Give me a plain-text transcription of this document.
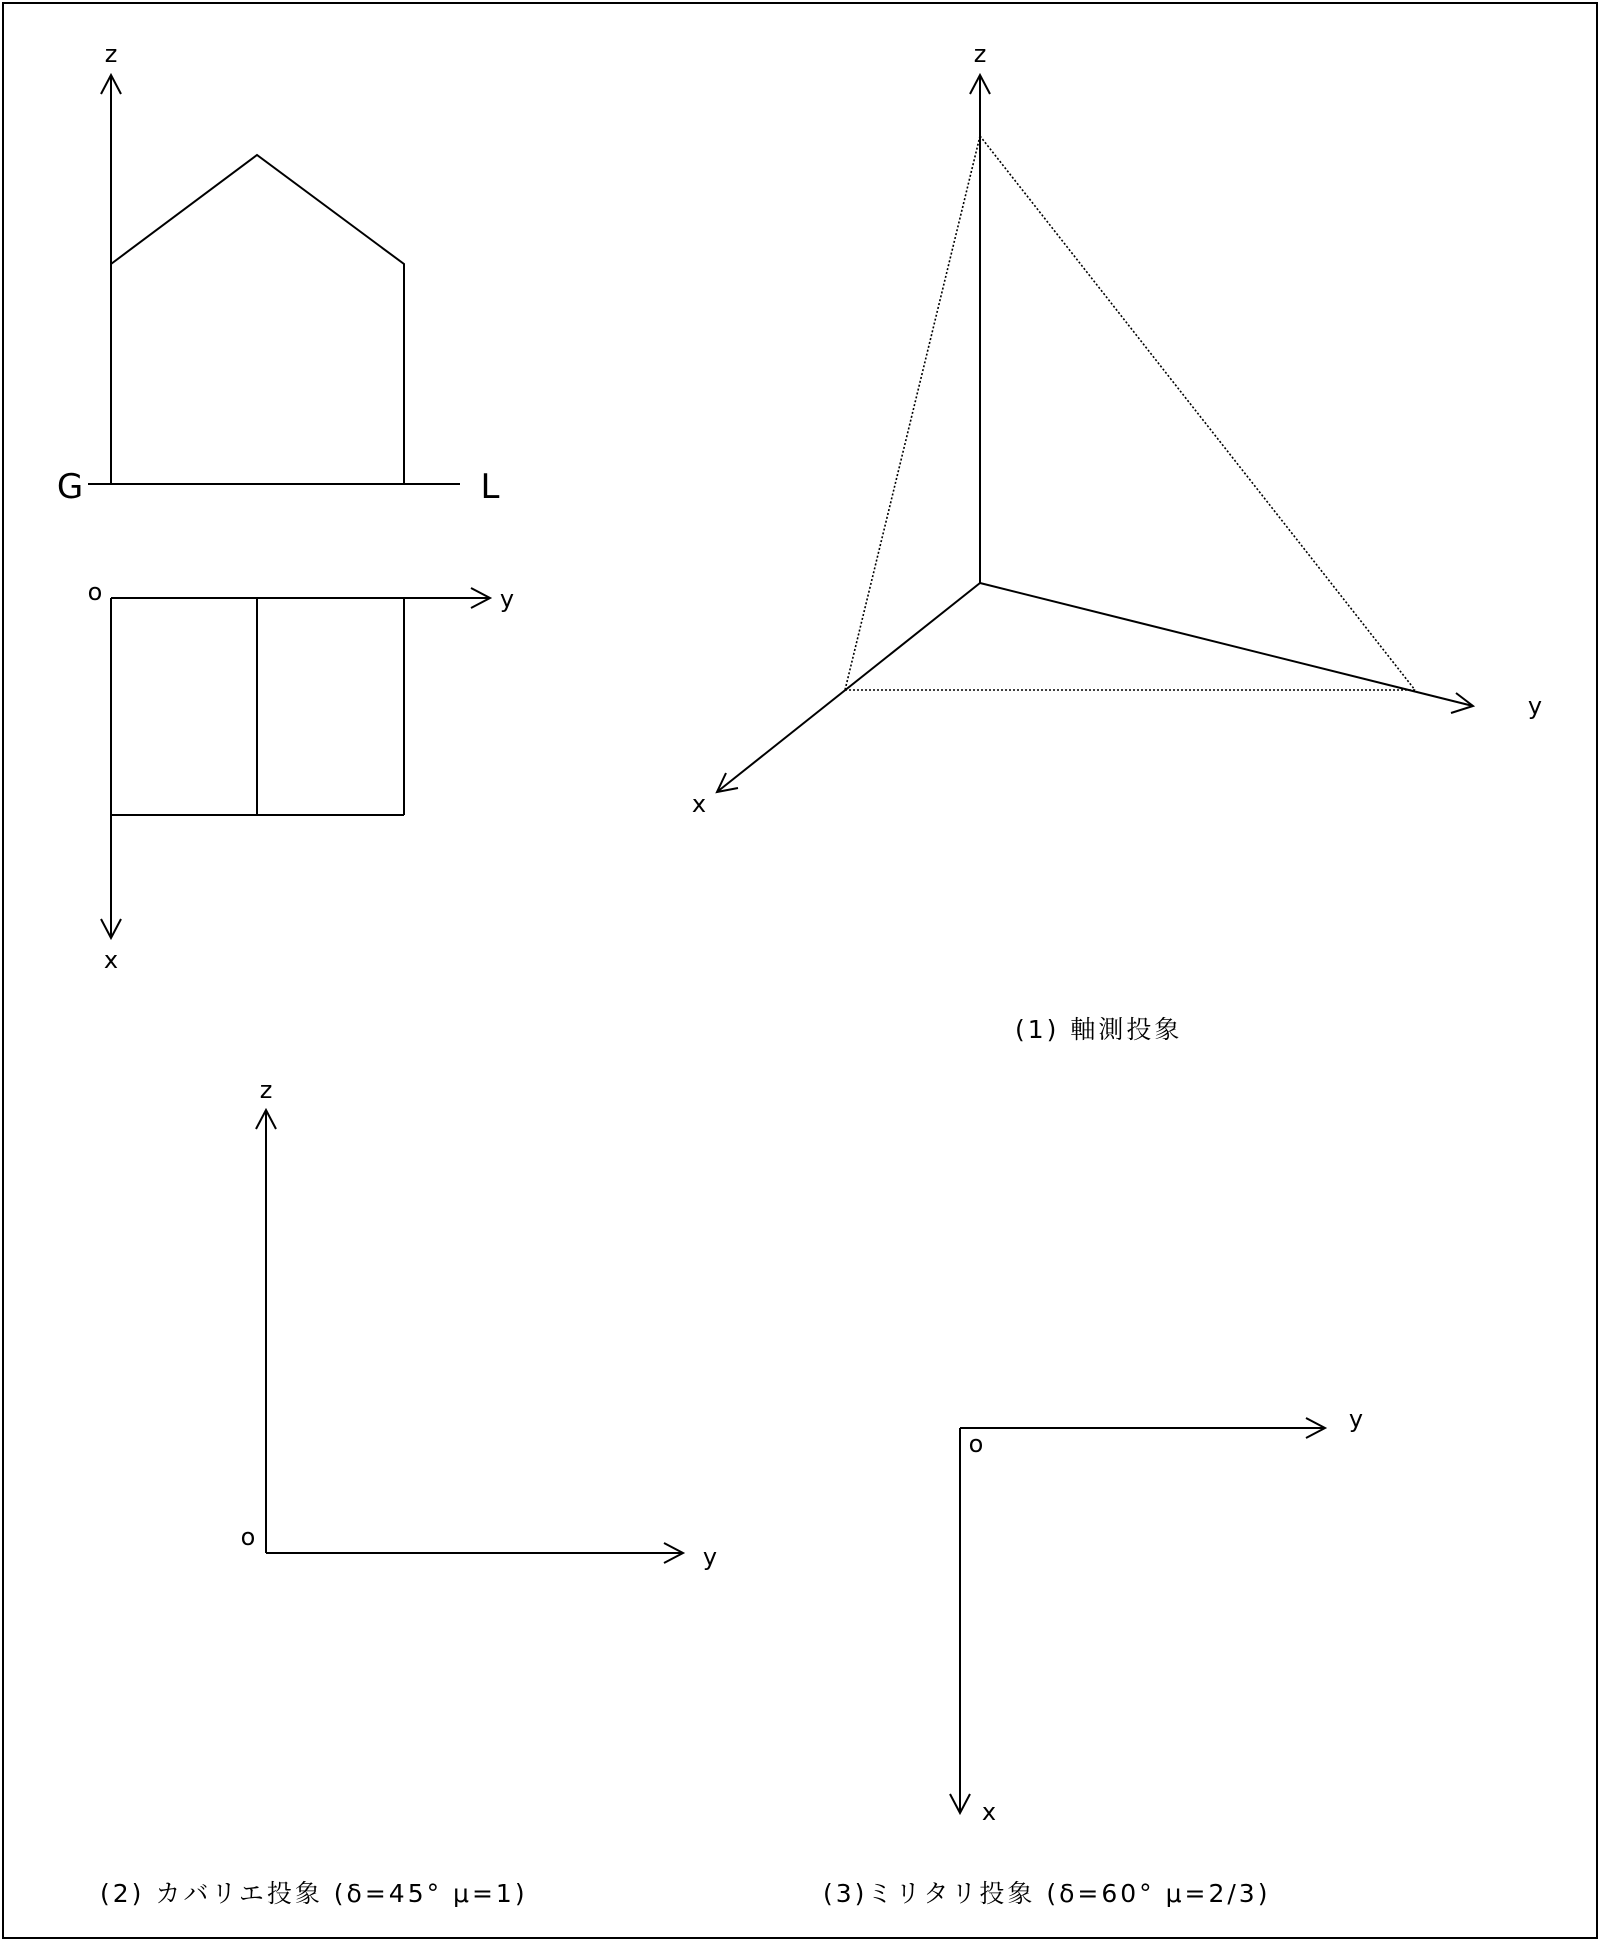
z
G	L
o	y
x
z
y
x
(1) 軸測投象
z
y
o
(2) カバリエ投象 (δ=45° μ=1)
y
o
x
(3)ミリタリ投象 (δ=60° μ=2/3)
